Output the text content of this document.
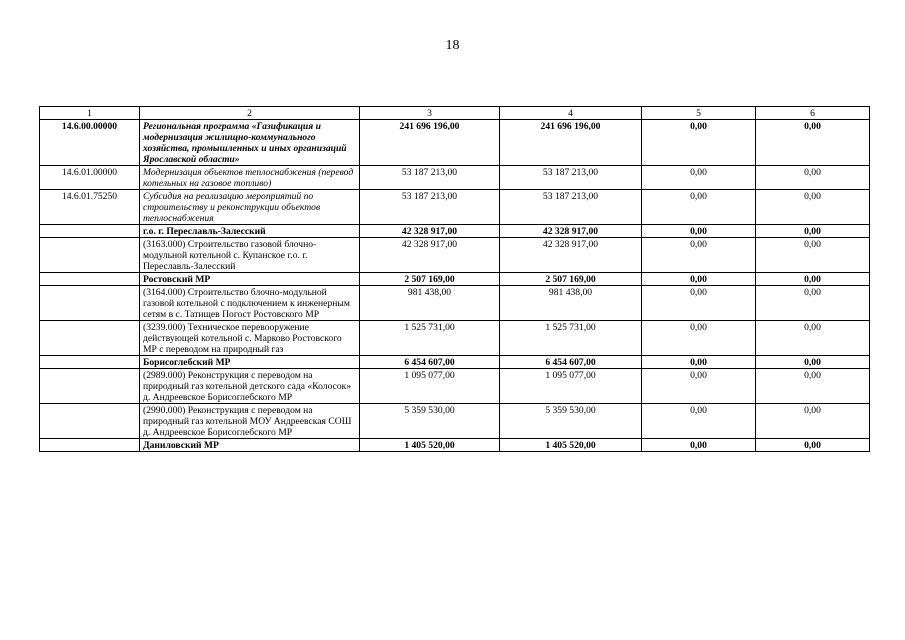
18
1	2	3	4	5	6
14.6.00.00000	Региональная программа «Газификация и модернизация жилищно-коммунального хозяйства, промышленных и иных организаций Ярославской области»	241 696 196,00	241 696 196,00	0,00	0,00
14.6.01.00000	Модернизация объектов теплоснабжения (перевод котельных на газовое топливо)	53 187 213,00	53 187 213,00	0,00	0,00
14.6.01.75250	Субсидия на реализацию мероприятий по строительству и реконструкции объектов теплоснабжения	53 187 213,00	53 187 213,00	0,00	0,00
	г.о. г. Переславль-Залесский	42 328 917,00	42 328 917,00	0,00	0,00
	(3163.000) Строительство газовой блочно-модульной котельной с. Купанское г.о. г. Переславль-Залесский	42 328 917,00	42 328 917,00	0,00	0,00
	Ростовский МР	2 507 169,00	2 507 169,00	0,00	0,00
	(3164.000) Строительство блочно-модульной газовой котельной с подключением к инженерным сетям в с. Татищев Погост Ростовского МР	981 438,00	981 438,00	0,00	0,00
	(3239.000) Техническое перевооружение действующей котельной с. Марково Ростовского МР с переводом на природный газ	1 525 731,00	1 525 731,00	0,00	0,00
	Борисоглебский МР	6 454 607,00	6 454 607,00	0,00	0,00
	(2989.000) Реконструкция с переводом на природный газ котельной детского сада «Колосок» д. Андреевское Борисоглебского МР	1 095 077,00	1 095 077,00	0,00	0,00
	(2990.000) Реконструкция с переводом на природный газ котельной МОУ Андреевская СОШ д. Андреевское Борисоглебского МР	5 359 530,00	5 359 530,00	0,00	0,00
	Даниловский МР	1 405 520,00	1 405 520,00	0,00	0,00
